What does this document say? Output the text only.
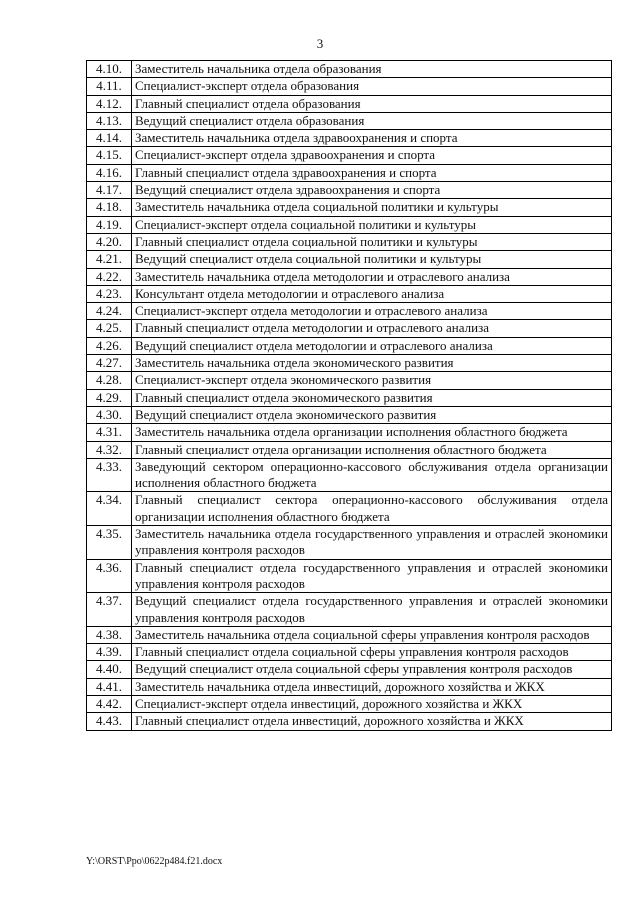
3
4.10.	Заместитель начальника отдела образования
4.11.	Специалист-эксперт отдела образования
4.12.	Главный специалист отдела образования
4.13.	Ведущий специалист отдела образования
4.14.	Заместитель начальника отдела здравоохранения и спорта
4.15.	Специалист-эксперт отдела здравоохранения и спорта
4.16.	Главный специалист отдела здравоохранения и спорта
4.17.	Ведущий специалист отдела здравоохранения и спорта
4.18.	Заместитель начальника отдела социальной политики и культуры
4.19.	Специалист-эксперт отдела социальной политики и культуры
4.20.	Главный специалист отдела социальной политики и культуры
4.21.	Ведущий специалист отдела социальной политики и культуры
4.22.	Заместитель начальника отдела методологии и отраслевого анализа
4.23.	Консультант отдела методологии и отраслевого анализа
4.24.	Специалист-эксперт отдела методологии и отраслевого анализа
4.25.	Главный специалист отдела методологии и отраслевого анализа
4.26.	Ведущий специалист отдела методологии и отраслевого анализа
4.27.	Заместитель начальника отдела экономического развития
4.28.	Специалист-эксперт отдела экономического развития
4.29.	Главный специалист отдела экономического развития
4.30.	Ведущий специалист отдела экономического развития
4.31.	Заместитель начальника отдела организации исполнения областного бюджета
4.32.	Главный специалист отдела организации исполнения областного бюджета
4.33.	Заведующий сектором операционно-кассового обслуживания отдела организации исполнения областного бюджета
4.34.	Главный специалист сектора операционно-кассового обслуживания отдела организации исполнения областного бюджета
4.35.	Заместитель начальника отдела государственного управления и отраслей экономики управления контроля расходов
4.36.	Главный специалист отдела государственного управления и отраслей экономики управления контроля расходов
4.37.	Ведущий специалист отдела государственного управления и отраслей экономики управления контроля расходов
4.38.	Заместитель начальника отдела социальной сферы управления контроля расходов
4.39.	Главный специалист отдела социальной сферы управления контроля расходов
4.40.	Ведущий специалист отдела социальной сферы управления контроля расходов
4.41.	Заместитель начальника отдела инвестиций, дорожного хозяйства и ЖКХ
4.42.	Специалист-эксперт отдела инвестиций, дорожного хозяйства и ЖКХ
4.43.	Главный специалист отдела инвестиций, дорожного хозяйства и ЖКХ
Y:\ORST\Ppo\0622p484.f21.docx
